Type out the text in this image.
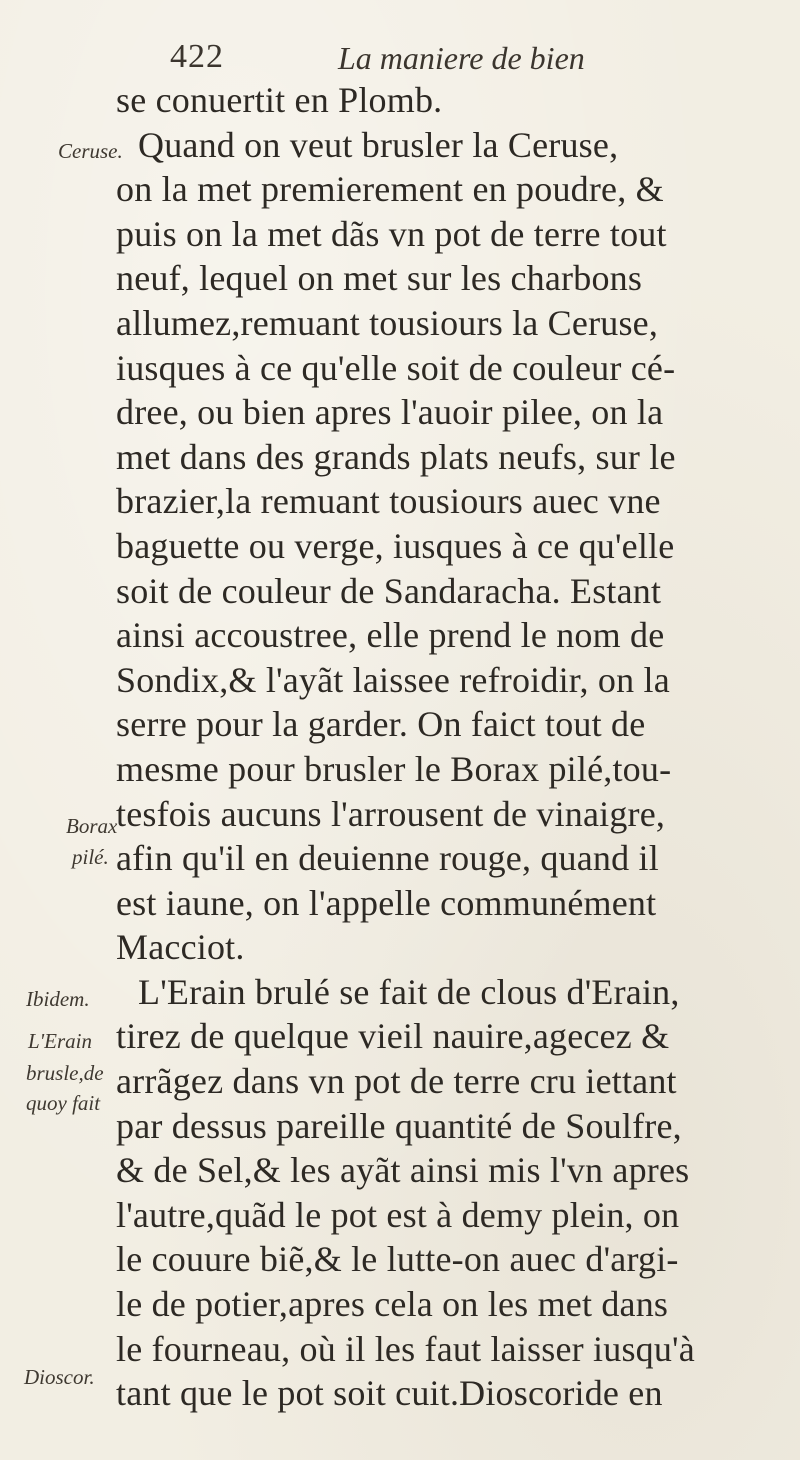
422	La maniere de bien
Ceruse.
Borax
pilé.
Ibidem.
L'Erain
brusle,de
quoy fait
Dioscor.
se conuertit en Plomb.
Quand on veut brusler la Ceruse,
on la met premierement en poudre, &
puis on la met dãs vn pot de terre tout
neuf, lequel on met sur les charbons
allumez,remuant tousiours la Ceruse,
iusques à ce qu'elle soit de couleur cé-
dree, ou bien apres l'auoir pilee, on la
met dans des grands plats neufs, sur le
brazier,la remuant tousiours auec vne
baguette ou verge, iusques à ce qu'elle
soit de couleur de Sandaracha. Estant
ainsi accoustree, elle prend le nom de
Sondix,& l'ayãt laissee refroidir, on la
serre pour la garder. On faict tout de
mesme pour brusler le Borax pilé,tou-
tesfois aucuns l'arrousent de vinaigre,
afin qu'il en deuienne rouge, quand il
est iaune, on l'appelle communément
Macciot.
L'Erain brulé se fait de clous d'Erain,
tirez de quelque vieil nauire,agecez &
arrãgez dans vn pot de terre cru iettant
par dessus pareille quantité de Soulfre,
& de Sel,& les ayãt ainsi mis l'vn apres
l'autre,quãd le pot est à demy plein, on
le couure biẽ,& le lutte-on auec d'argi-
le de potier,apres cela on les met dans
le fourneau, où il les faut laisser iusqu'à
tant que le pot soit cuit.Dioscoride en
